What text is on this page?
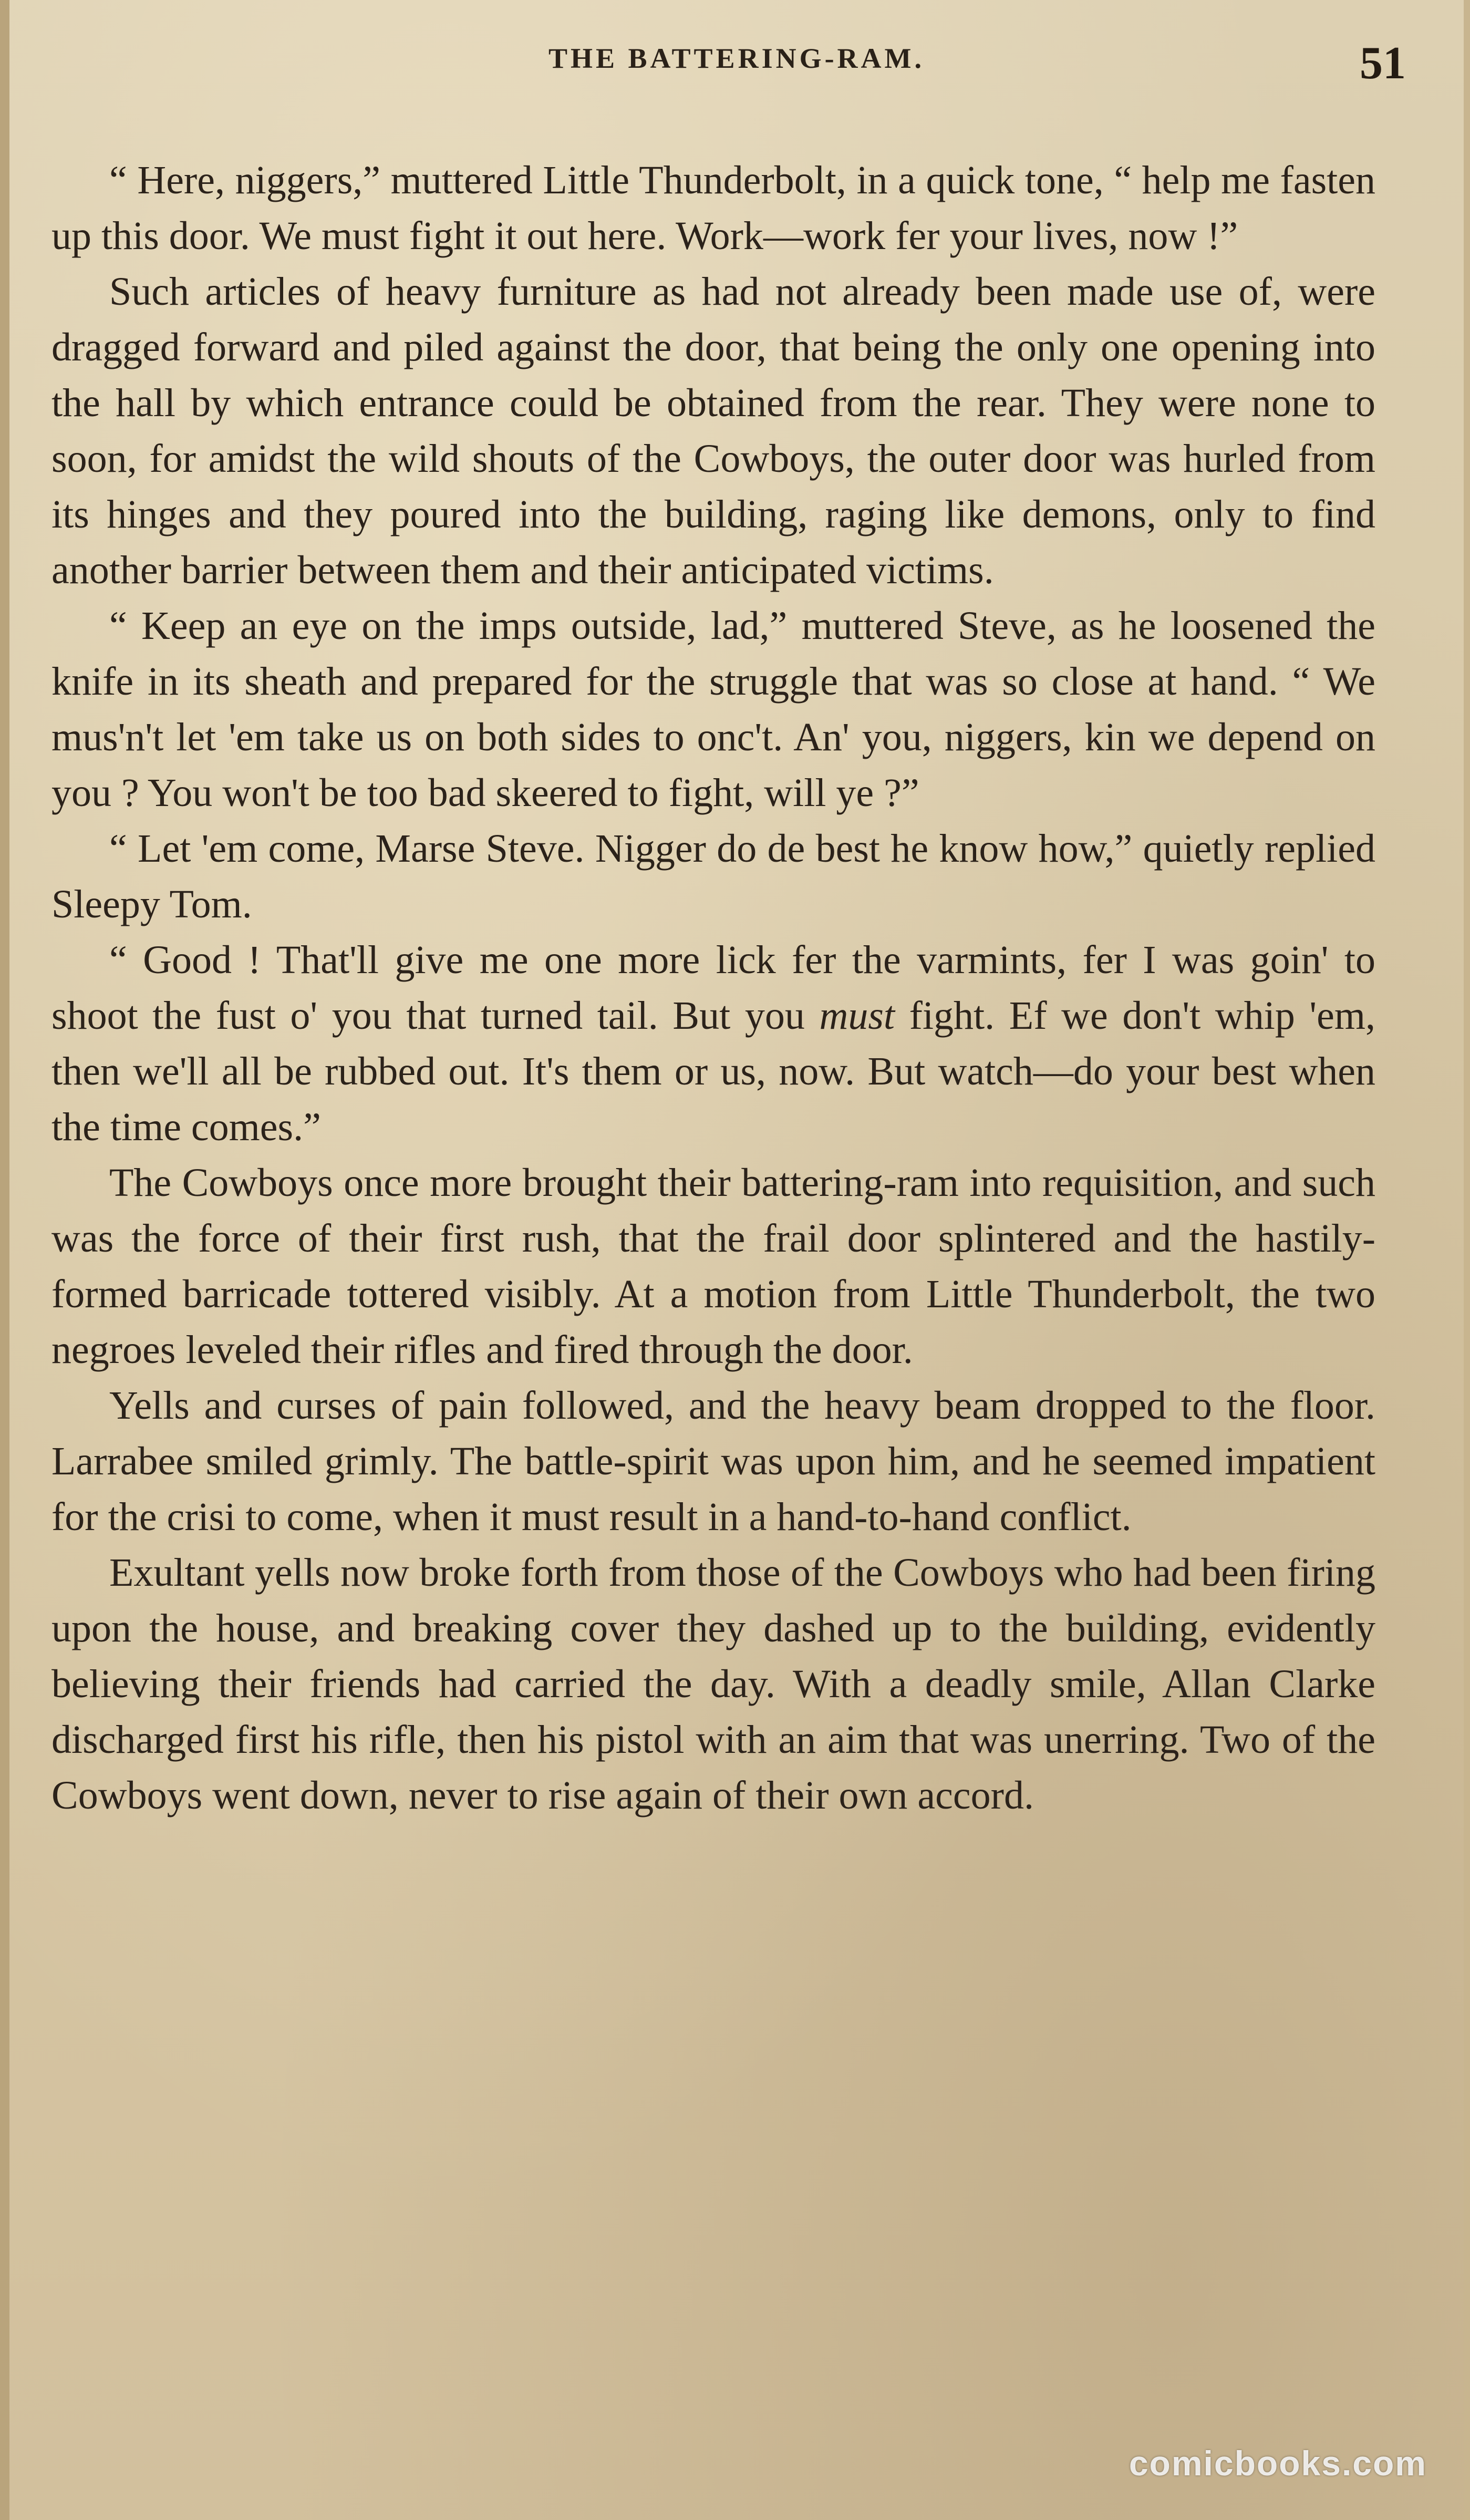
THE BATTERING-RAM.	51

“ Here, niggers,” muttered Little Thunderbolt, in a quick tone, “ help me fasten up this door. We must fight it out here. Work—work fer your lives, now !”

Such articles of heavy furniture as had not already been made use of, were dragged forward and piled against the door, that being the only one opening into the hall by which entrance could be obtained from the rear. They were none to soon, for amidst the wild shouts of the Cowboys, the outer door was hurled from its hinges and they poured into the building, raging like demons, only to find another barrier between them and their anticipated victims.

“ Keep an eye on the imps outside, lad,” muttered Steve, as he loosened the knife in its sheath and prepared for the struggle that was so close at hand. “ We mus'n't let 'em take us on both sides to onc't. An' you, niggers, kin we depend on you ? You won't be too bad skeered to fight, will ye ?”

“ Let 'em come, Marse Steve. Nigger do de best he know how,” quietly replied Sleepy Tom.

“ Good ! That'll give me one more lick fer the varmints, fer I was goin' to shoot the fust o' you that turned tail. But you must fight. Ef we don't whip 'em, then we'll all be rubbed out. It's them or us, now. But watch—do your best when the time comes.”

The Cowboys once more brought their battering-ram into requisition, and such was the force of their first rush, that the frail door splintered and the hastily-formed barricade tottered visibly. At a motion from Little Thunderbolt, the two negroes leveled their rifles and fired through the door.

Yells and curses of pain followed, and the heavy beam dropped to the floor. Larrabee smiled grimly. The battle-spirit was upon him, and he seemed impatient for the crisi to come, when it must result in a hand-to-hand conflict.

Exultant yells now broke forth from those of the Cowboys who had been firing upon the house, and breaking cover they dashed up to the building, evidently believing their friends had carried the day. With a deadly smile, Allan Clarke discharged first his rifle, then his pistol with an aim that was unerring. Two of the Cowboys went down, never to rise again of their own accord.

comicbooks.com
